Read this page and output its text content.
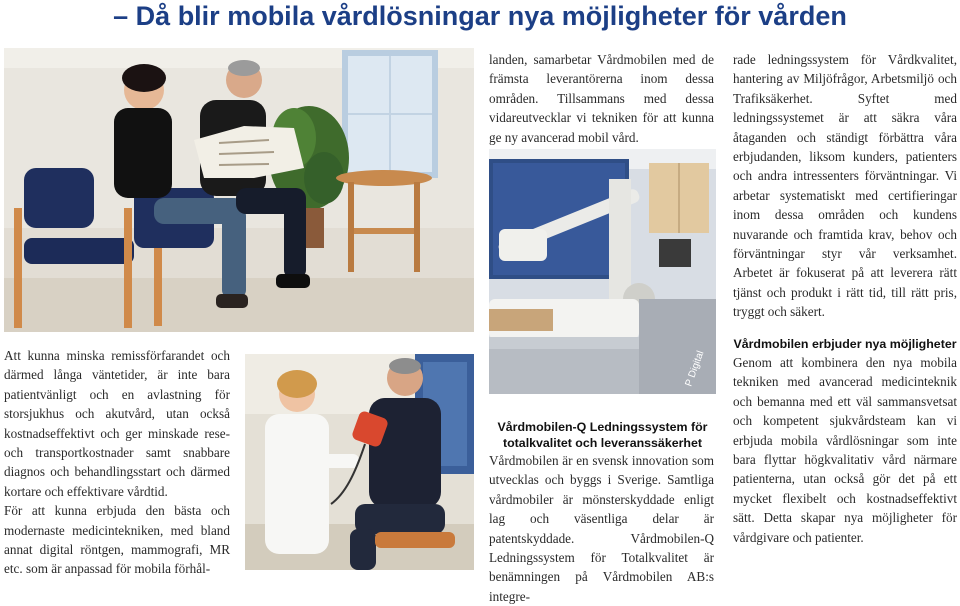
– Då blir mobila vårdlösningar nya möjligheter för vården

landen, samarbetar Vårdmobilen med de främsta leverantörerna inom dessa områden. Tillsammans med dessa vidareutvecklar vi tekniken för att kunna ge ny avancerad mobil vård.

P Digital

rade ledningssystem för Vårdkvalitet, hantering av Miljöfrågor, Arbetsmiljö och Trafiksäkerhet. Syftet med ledningssystemet är att säkra våra åtaganden och ständigt förbättra våra erbjudanden, liksom kunders, patienters och andra intressenters förväntningar. Vi arbetar systematiskt med certifieringar inom dessa områden och kundens nuvarande och framtida krav, behov och förväntningar styr vår verksamhet. Arbetet är fokuserat på att leverera rätt tjänst och produkt i rätt tid, till rätt pris, tryggt och säkert.

Att kunna minska remissförfarandet och därmed långa väntetider, är inte bara patientvänligt och en avlastning för storsjukhus och akutvård, utan också kostnadseffektivt och ger minskade rese- och transportkostnader samt snabbare diagnos och behandlingsstart och därmed kortare och effektivare vårdtid.

För att kunna erbjuda den bästa och modernaste medicintekniken, med bland annat digital röntgen, mammografi, MR etc. som är anpassad för mobila förhål-

Vårdmobilen-Q Ledningssystem för totalkvalitet och leveranssäkerhet

Vårdmobilen är en svensk innovation som utvecklas och byggs i Sverige. Samtliga vårdmobiler är mönsterskyddade enligt lag och väsentliga delar är patentskyddade. Vårdmobilen-Q Ledningssystem för Totalkvalitet är benämningen på Vårdmobilen AB:s integre-

Vårdmobilen erbjuder nya möjligheter

Genom att kombinera den nya mobila tekniken med avancerad medicinteknik och bemanna med ett väl sammansvetsat och kompetent sjukvårdsteam kan vi erbjuda mobila vårdlösningar som inte bara flyttar högkvalitativ vård närmare patienterna, utan också gör det på ett mycket flexibelt och kostnadseffektivt sätt. Detta skapar nya möjligheter för vårdgivare och patienter.
